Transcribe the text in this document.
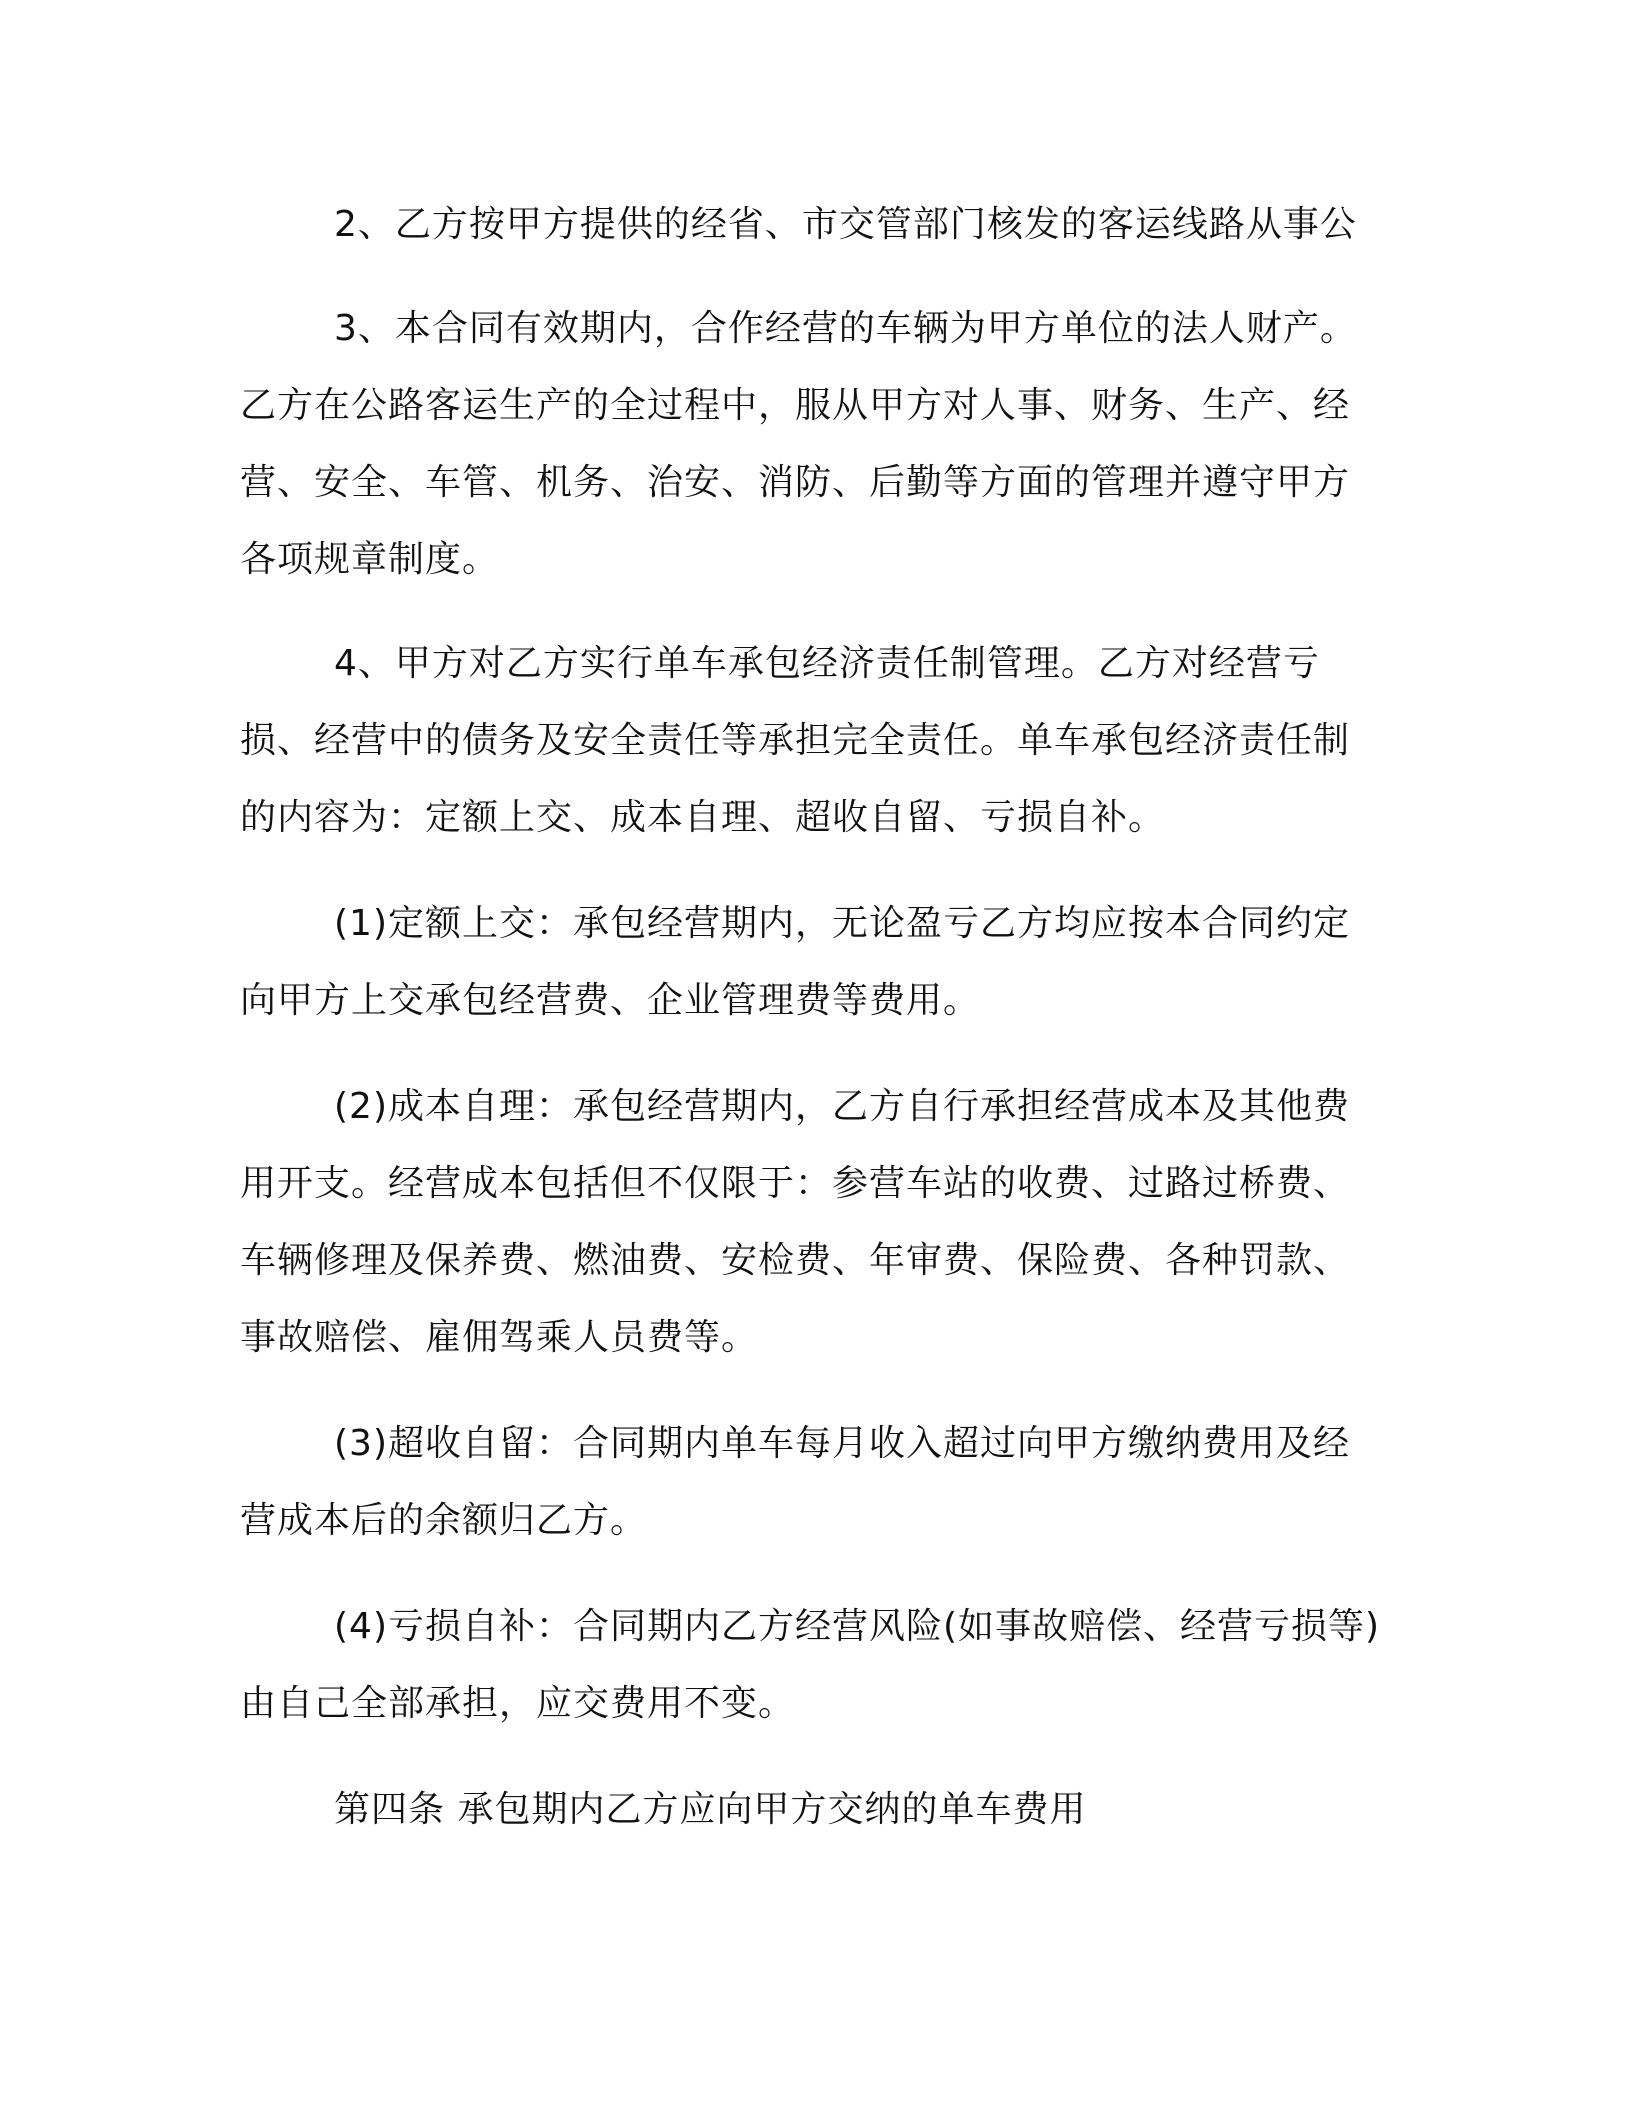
2、乙方按甲方提供的经省、市交管部门核发的客运线路从事公

3、本合同有效期内，合作经营的车辆为甲方单位的法人财产。乙方在公路客运生产的全过程中，服从甲方对人事、财务、生产、经营、安全、车管、机务、治安、消防、后勤等方面的管理并遵守甲方各项规章制度。

4、甲方对乙方实行单车承包经济责任制管理。乙方对经营亏损、经营中的债务及安全责任等承担完全责任。单车承包经济责任制的内容为：定额上交、成本自理、超收自留、亏损自补。

(1)定额上交：承包经营期内，无论盈亏乙方均应按本合同约定向甲方上交承包经营费、企业管理费等费用。

(2)成本自理：承包经营期内，乙方自行承担经营成本及其他费用开支。经营成本包括但不仅限于：参营车站的收费、过路过桥费、车辆修理及保养费、燃油费、安检费、年审费、保险费、各种罚款、事故赔偿、雇佣驾乘人员费等。

(3)超收自留：合同期内单车每月收入超过向甲方缴纳费用及经营成本后的余额归乙方。

(4)亏损自补：合同期内乙方经营风险(如事故赔偿、经营亏损等)由自己全部承担，应交费用不变。

第四条 承包期内乙方应向甲方交纳的单车费用
